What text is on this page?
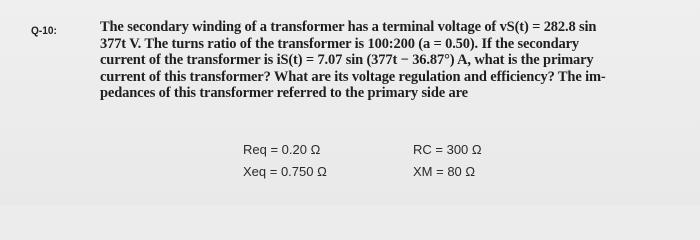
Q-10:	The secondary winding of a transformer has a terminal voltage of vS(t) = 282.8 sin
377t V. The turns ratio of the transformer is 100:200 (a = 0.50). If the secondary
current of the transformer is iS(t) = 7.07 sin (377t − 36.87°) A, what is the primary
current of this transformer? What are its voltage regulation and efficiency? The im-
pedances of this transformer referred to the primary side are
Req = 0.20 Ω
Xeq = 0.750 Ω
RC = 300 Ω
XM = 80 Ω
